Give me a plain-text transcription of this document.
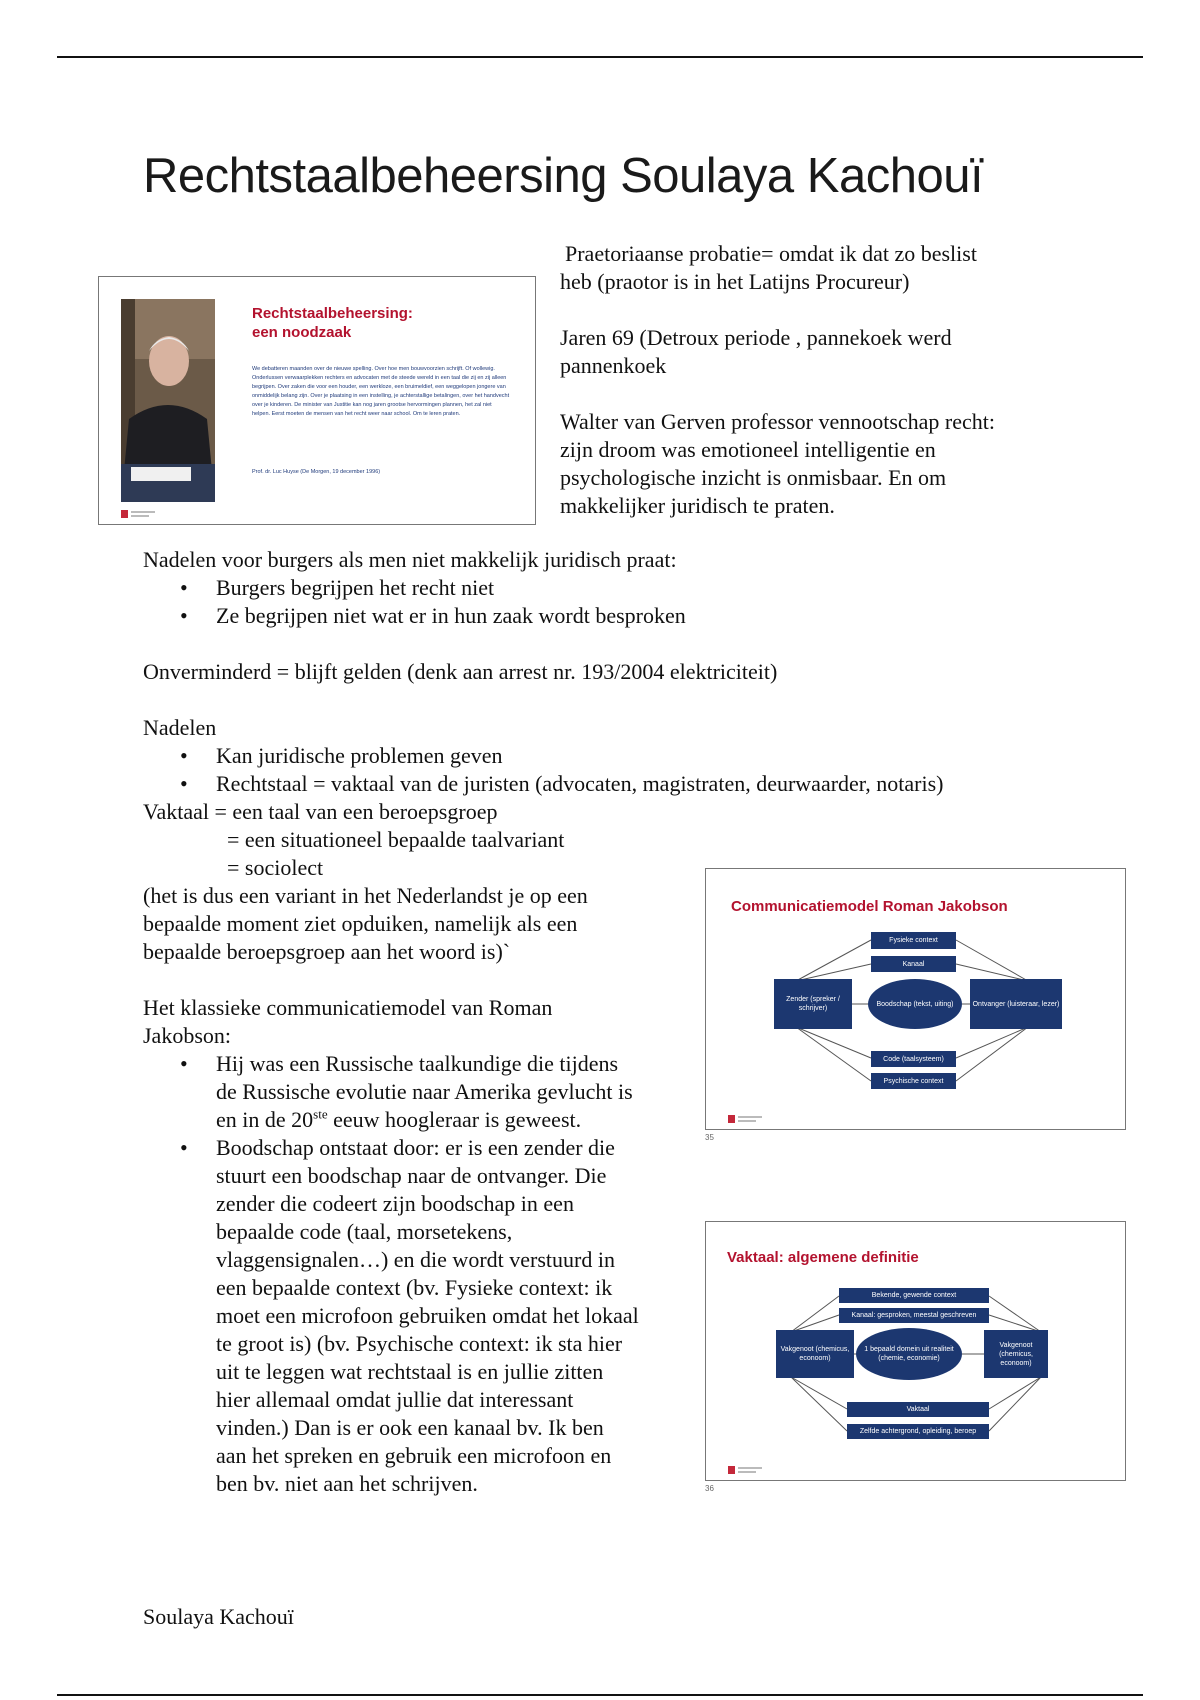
Rechtstaalbeheersing Soulaya Kachouï
Rechtstaalbeheersing:
een noodzaak
We debatteren maanden over de nieuwe spelling. Over hoe men bouwvoorzien schrijft. Of wollewig. Onderlussen verwaarplekken rechters en advocaten met de steede wereld in een taal die zij en zij alleen begrijpen. Over zaken die voor een houder, een werkloze, een bruimeldief, een weggelopen jongere van onmiddelijk belang zijn. Over je plaatsing in een instelling, je achterstallige betalingen, over het handvecht over je kinderen. De minister van Justitie kan nog jaren grootse hervormingen plannen, het zal niet helpen. Eerst moeten de mensen van het recht weer naar school. Om te leren praten.
Prof. dr. Luc Huyse (De Morgen, 19 december 1996)

Praetoriaanse probatie= omdat ik dat zo beslist

heb (praotor is in het Latijns Procureur)

Jaren 69 (Detroux periode , pannekoek werd

pannenkoek

Walter van Gerven professor vennootschap recht:

zijn droom was emotioneel intelligentie en

psychologische inzicht is onmisbaar. En om

makkelijker juridisch te praten.

Nadelen voor burgers als men niet makkelijk juridisch praat:

• Burgers begrijpen het recht niet
• Ze begrijpen niet wat er in hun zaak wordt besproken

Onverminderd = blijft gelden (denk aan arrest nr. 193/2004 elektriciteit)

Nadelen

• Kan juridische problemen geven
• Rechtstaal = vaktaal van de juristen (advocaten, magistraten, deurwaarder, notaris)

Vaktaal = een taal van een beroepsgroep

= een situationeel bepaalde taalvariant

= sociolect

(het is dus een variant in het Nederlandst je op een

bepaalde moment ziet opduiken, namelijk als een

bepaalde beroepsgroep aan het woord is)`

Het klassieke communicatiemodel van Roman

Jakobson:

• Hij was een Russische taalkundige die tijdens
de Russische evolutie naar Amerika gevlucht is
en in de 20ste eeuw hoogleraar is geweest.
• Boodschap ontstaat door: er is een zender die
stuurt een boodschap naar de ontvanger. Die
zender die codeert zijn boodschap in een
bepaalde code (taal, morsetekens,
vlaggensignalen…) en die wordt verstuurd in
een bepaalde context (bv. Fysieke context: ik
moet een microfoon gebruiken omdat het lokaal
te groot is) (bv. Psychische context: ik sta hier
uit te leggen wat rechtstaal is en jullie zitten
hier allemaal omdat jullie dat interessant
vinden.) Dan is er ook een kanaal bv. Ik ben
aan het spreken en gebruik een microfoon en
ben bv. niet aan het schrijven.
Communicatiemodel Roman Jakobson
Fysieke context
Kanaal
Zender (spreker / schrijver)
Boodschap (tekst, uiting)	Ontvanger (luisteraar, lezer)
Code (taalsysteem)
Psychische context
35
Vaktaal: algemene definitie
Bekende, gewende context
Kanaal: gesproken, meestal geschreven
Vakgenoot (chemicus, econoom)
1 bepaald domein uit realiteit (chemie, economie)
Vakgenoot (chemicus, econoom)
Vaktaal
Zelfde achtergrond, opleiding, beroep
36

Soulaya Kachouï
